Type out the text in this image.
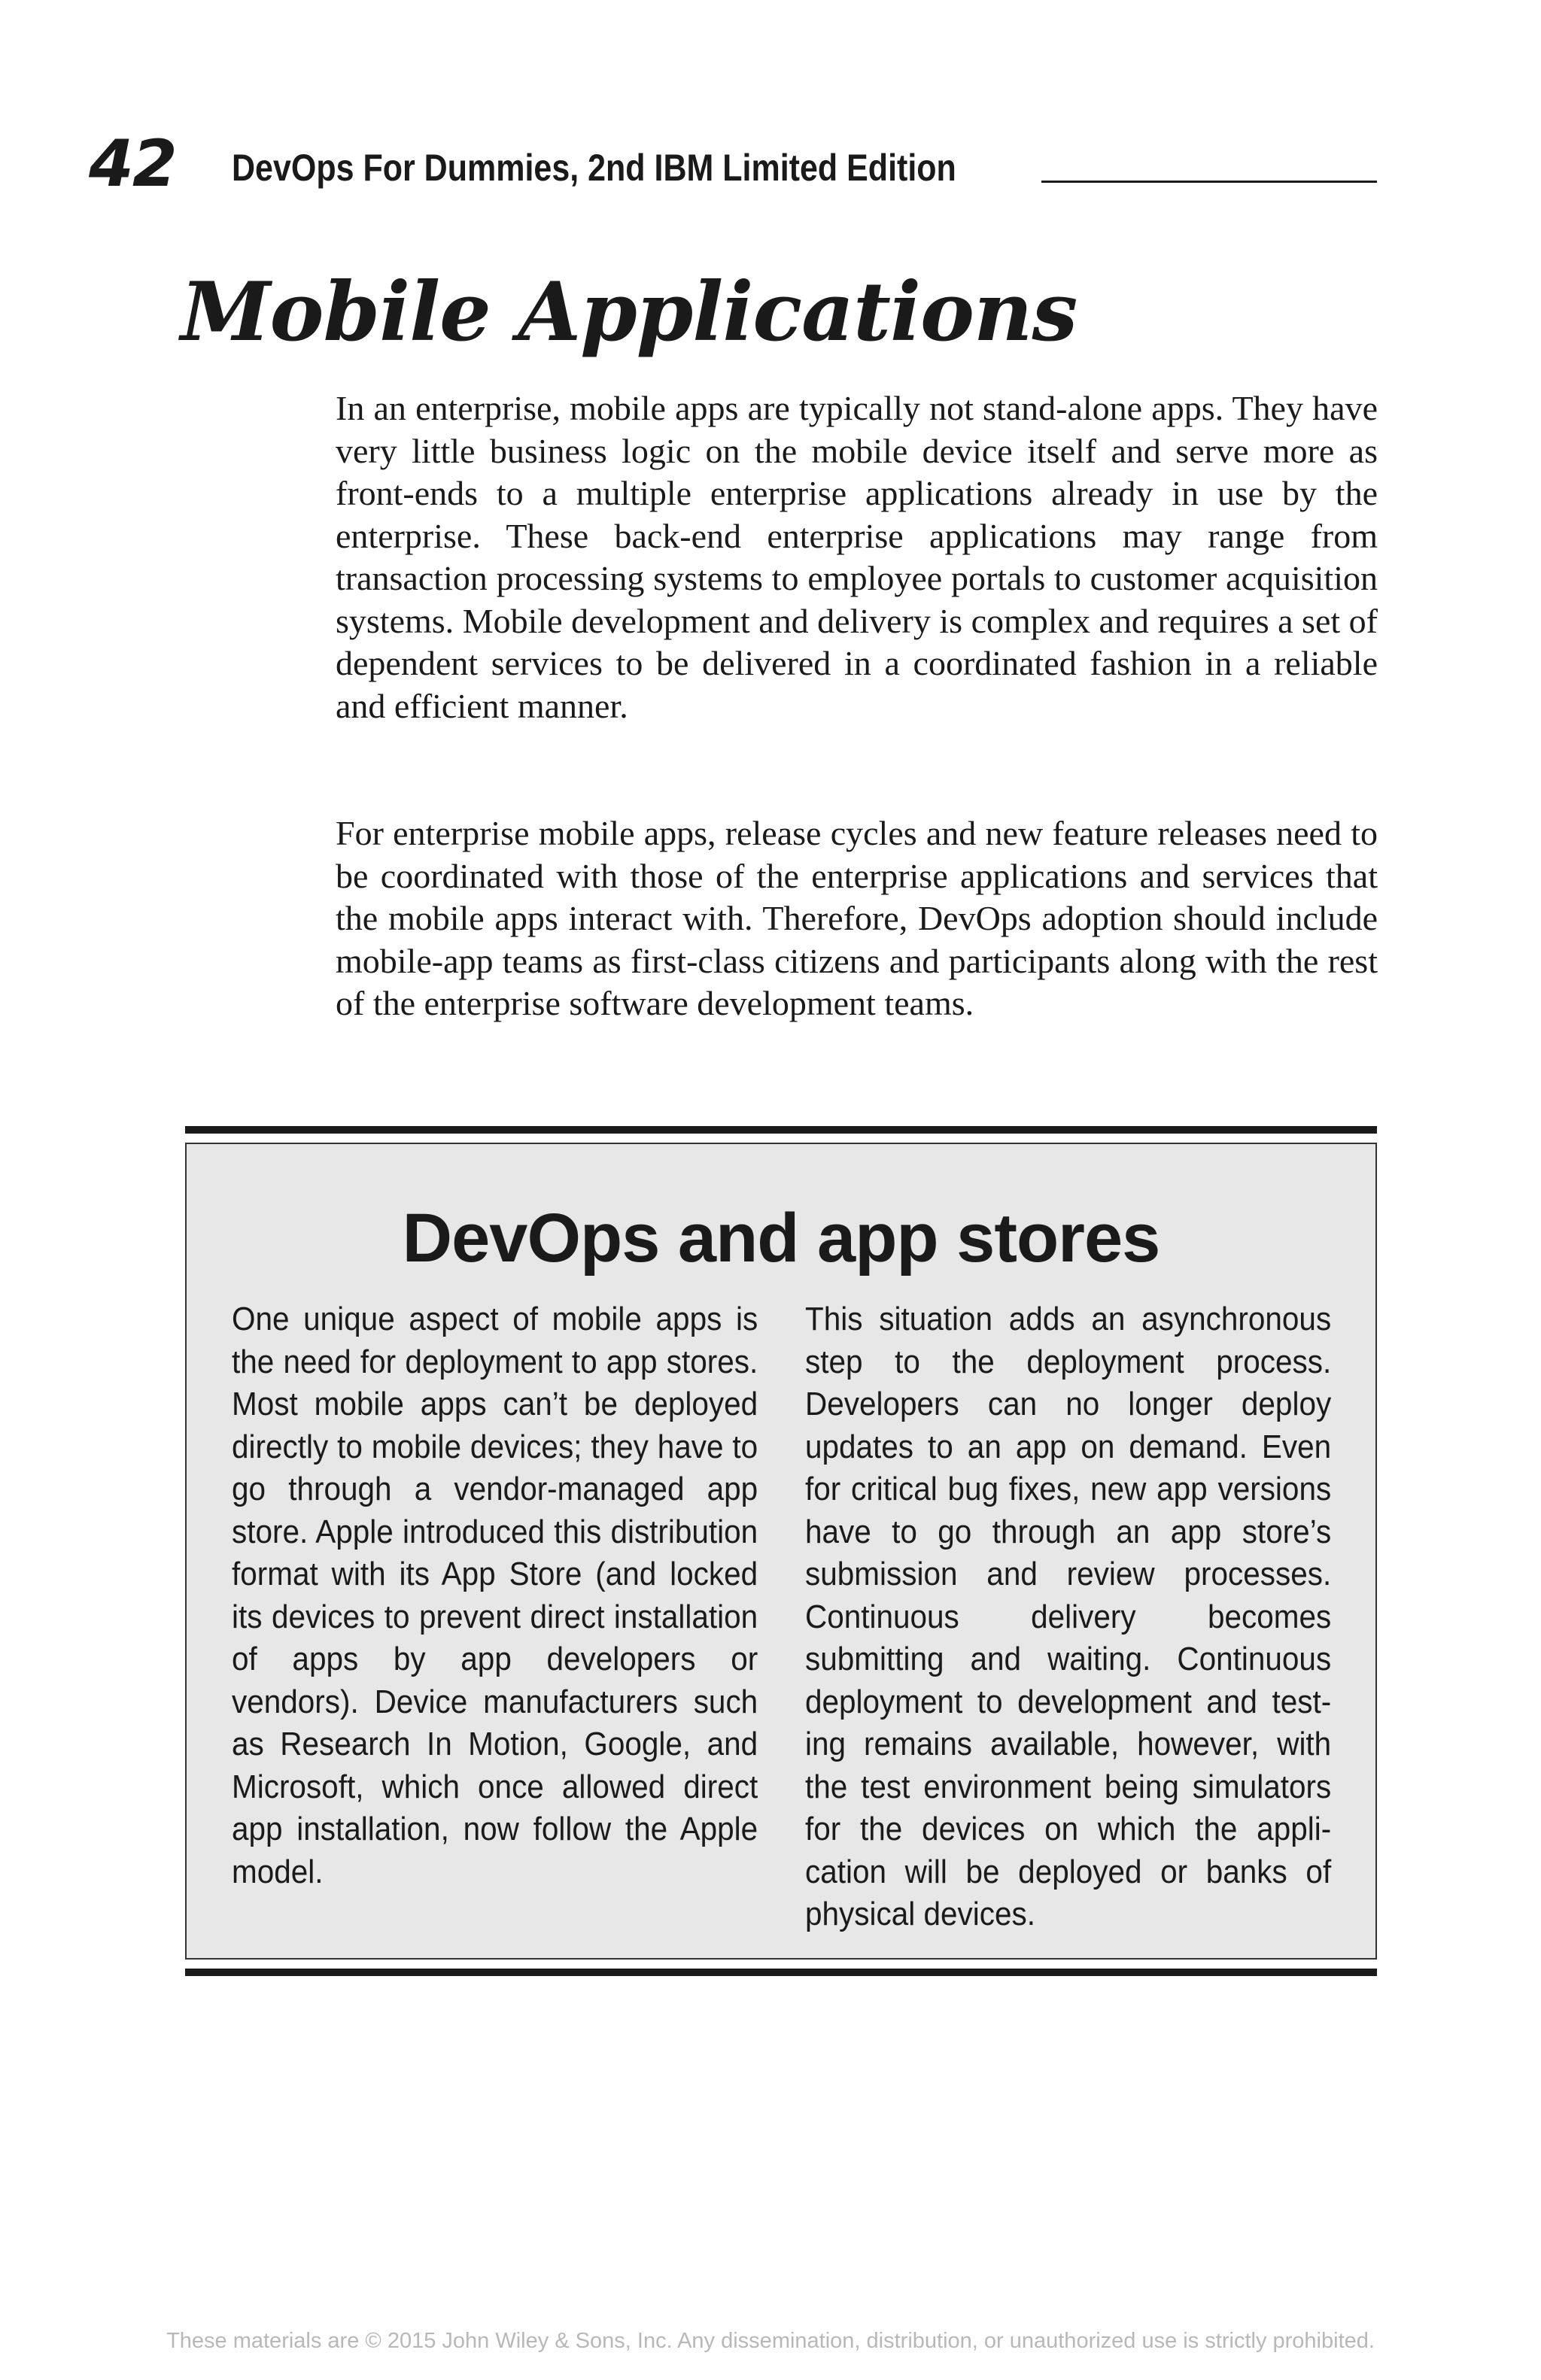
42 DevOps For Dummies, 2nd IBM Limited Edition
Mobile Applications

In an enterprise, mobile apps are typically not stand-alone apps. They have very little business logic on the mobile device itself and serve more as front-ends to a multiple enterprise applications already in use by the enterprise. These back-end enterprise applications may range from transaction processing systems to employee portals to customer acquisition systems. Mobile development and delivery is complex and requires a set of dependent services to be delivered in a coordinated fashion in a reliable and efficient manner.

For enterprise mobile apps, release cycles and new feature releases need to be coordinated with those of the enterprise applications and services that the mobile apps interact with. Therefore, DevOps adoption should include mobile-app teams as first-class citizens and participants along with the rest of the enterprise software development teams.

DevOps and app stores

One unique aspect of mobile apps is the need for deployment to app stores. Most mobile apps can’t be deployed directly to mobile devices; they have to go through a vendor-managed app store. Apple introduced this distribution format with its App Store (and locked its devices to prevent direct installation of apps by app developers or vendors). Device manufacturers such as Research In Motion, Google, and Microsoft, which once allowed direct app installation, now follow the Apple model.

This situation adds an asynchronous step to the deployment process. Developers can no longer deploy updates to an app on demand. Even for critical bug fixes, new app versions have to go through an app store’s submission and review processes. Continuous delivery becomes submitting and waiting. Continuous deployment to development and testing remains available, however, with the test environment being simulators for the devices on which the application will be deployed or banks of physical devices.

These materials are © 2015 John Wiley & Sons, Inc. Any dissemination, distribution, or unauthorized use is strictly prohibited.
